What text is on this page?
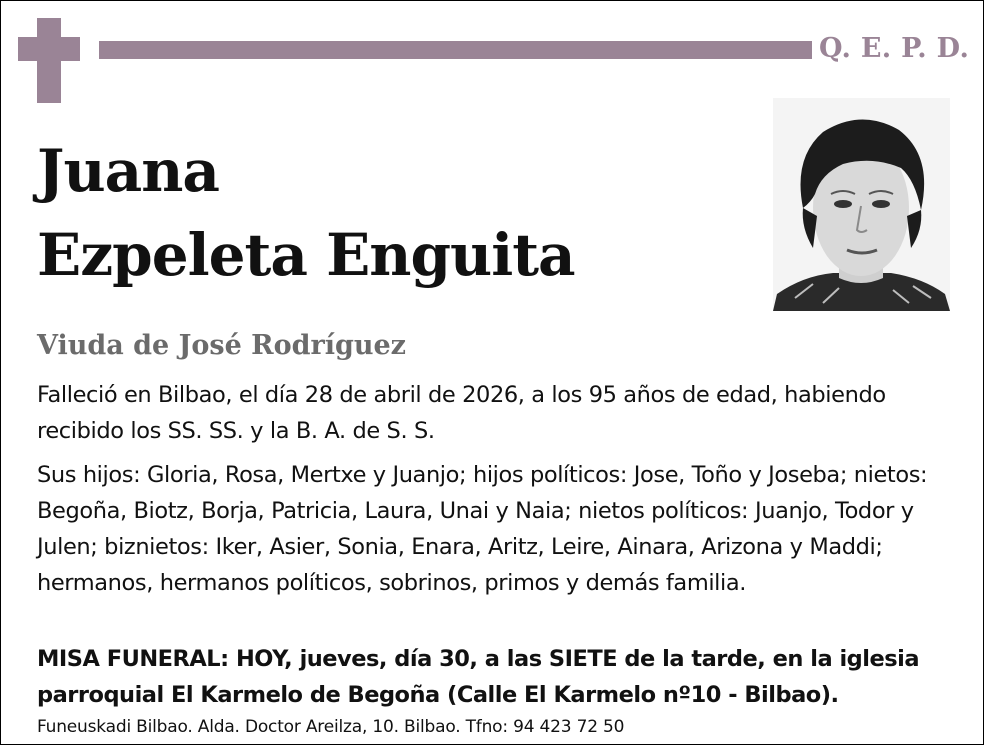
Q. E. P. D.
Juana
Ezpeleta Enguita
Viuda de José Rodríguez
Falleció en Bilbao, el día 28 de abril de 2026, a los 95 años de edad, habiendo recibido los SS. SS. y la B. A. de S. S.
Sus hijos: Gloria, Rosa, Mertxe y Juanjo; hijos políticos: Jose, Toño y Joseba; nietos: Begoña, Biotz, Borja, Patricia, Laura, Unai y Naia; nietos políticos: Juanjo, Todor y Julen; biznietos: Iker, Asier, Sonia, Enara, Aritz, Leire, Ainara, Arizona y Maddi; hermanos, hermanos políticos, sobrinos, primos y demás familia.
MISA FUNERAL: HOY, jueves, día 30, a las SIETE de la tarde, en la iglesia parroquial El Karmelo de Begoña (Calle El Karmelo nº10 - Bilbao).
Funeuskadi Bilbao. Alda. Doctor Areilza, 10. Bilbao. Tfno: 94 423 72 50
